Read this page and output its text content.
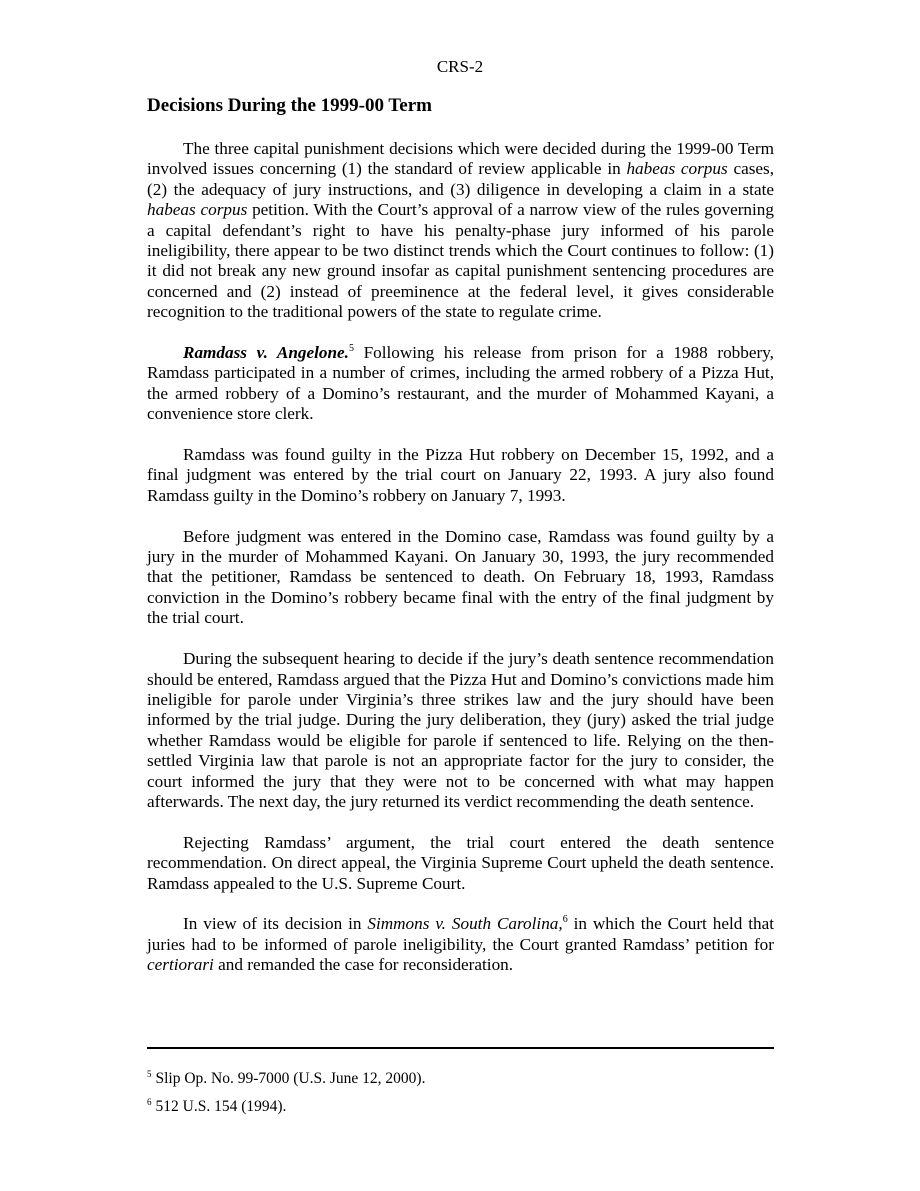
CRS-2
Decisions During the 1999-00 Term

The three capital punishment decisions which were decided during the 1999-00 Term involved issues concerning (1) the standard of review applicable in habeas corpus cases, (2) the adequacy of jury instructions, and (3) diligence in developing a claim in a state habeas corpus petition. With the Court’s approval of a narrow view of the rules governing a capital defendant’s right to have his penalty-phase jury informed of his parole ineligibility, there appear to be two distinct trends which the Court continues to follow: (1) it did not break any new ground insofar as capital punishment sentencing procedures are concerned and (2) instead of preeminence at the federal level, it gives considerable recognition to the traditional powers of the state to regulate crime.

Ramdass v. Angelone.$^5$ Following his release from prison for a 1988 robbery, Ramdass participated in a number of crimes, including the armed robbery of a Pizza Hut, the armed robbery of a Domino’s restaurant, and the murder of Mohammed Kayani, a convenience store clerk.

Ramdass was found guilty in the Pizza Hut robbery on December 15, 1992, and a final judgment was entered by the trial court on January 22, 1993. A jury also found Ramdass guilty in the Domino’s robbery on January 7, 1993.

Before judgment was entered in the Domino case, Ramdass was found guilty by a jury in the murder of Mohammed Kayani. On January 30, 1993, the jury recommended that the petitioner, Ramdass be sentenced to death. On February 18, 1993, Ramdass conviction in the Domino’s robbery became final with the entry of the final judgment by the trial court.

During the subsequent hearing to decide if the jury’s death sentence recommendation should be entered, Ramdass argued that the Pizza Hut and Domino’s convictions made him ineligible for parole under Virginia’s three strikes law and the jury should have been informed by the trial judge. During the jury deliberation, they (jury) asked the trial judge whether Ramdass would be eligible for parole if sentenced to life. Relying on the then-settled Virginia law that parole is not an appropriate factor for the jury to consider, the court informed the jury that they were not to be concerned with what may happen afterwards. The next day, the jury returned its verdict recommending the death sentence.

Rejecting Ramdass’ argument, the trial court entered the death sentence recommendation. On direct appeal, the Virginia Supreme Court upheld the death sentence. Ramdass appealed to the U.S. Supreme Court.

In view of its decision in Simmons v. South Carolina,$^6$ in which the Court held that juries had to be informed of parole ineligibility, the Court granted Ramdass’ petition for certiorari and remanded the case for reconsideration.

$^5$ Slip Op. No. 99-7000 (U.S. June 12, 2000).

$^6$ 512 U.S. 154 (1994).
